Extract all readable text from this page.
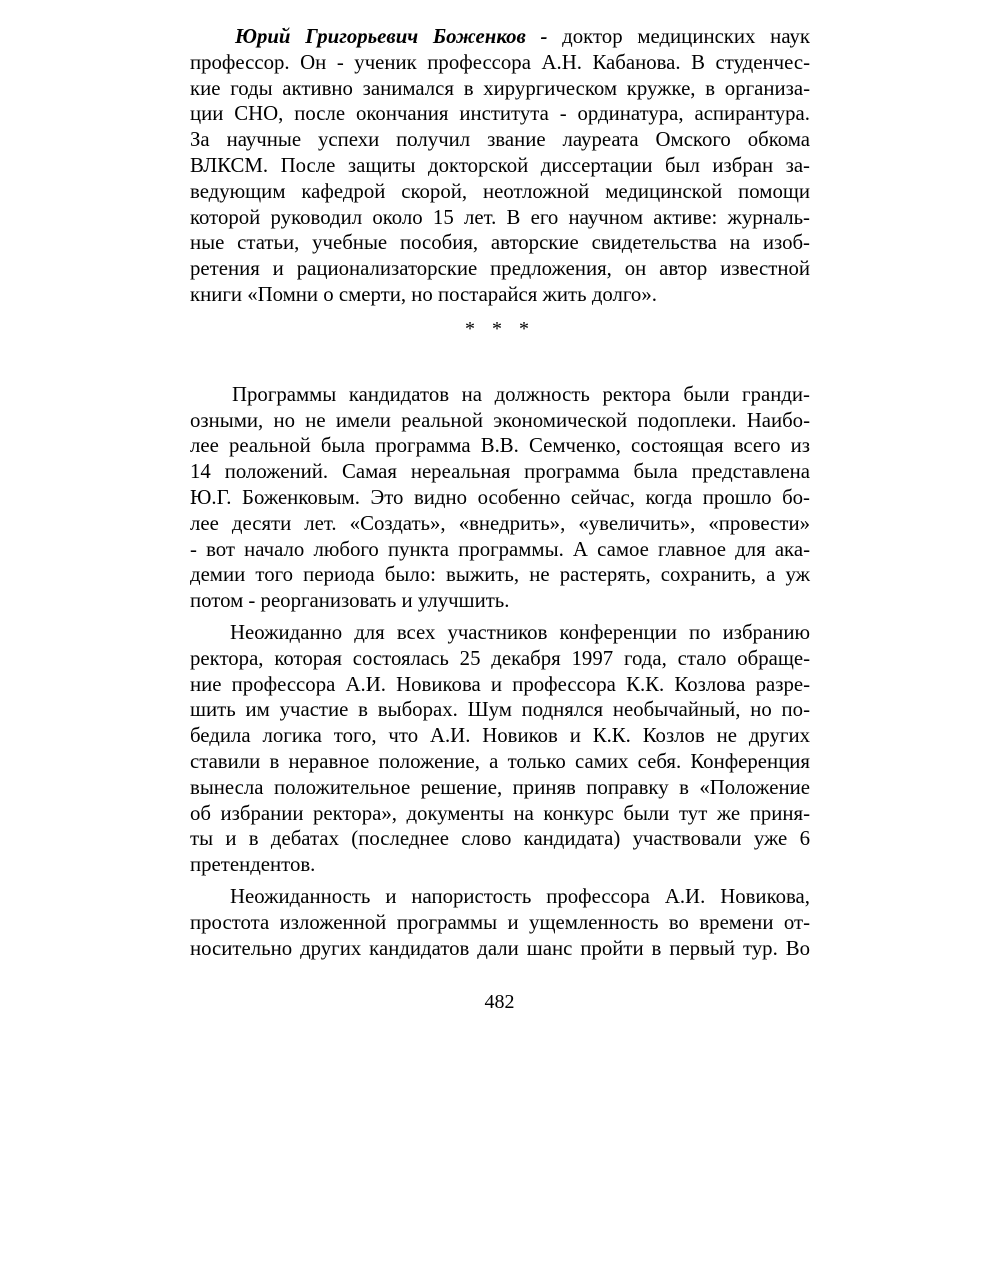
Юрий Григорьевич Боженков - доктор медицинских наук
профессор. Он - ученик профессора А.Н. Кабанова. В студенчес-
кие годы активно занимался в хирургическом кружке, в организа-
ции СНО, после окончания института - ординатура, аспирантура.
За научные успехи получил звание лауреата Омского обкома
ВЛКСМ. После защиты докторской диссертации был избран за-
ведующим кафедрой скорой, неотложной медицинской помощи
которой руководил около 15 лет. В его научном активе: журналь-
ные статьи, учебные пособия, авторские свидетельства на изоб-
ретения и рационализаторские предложения, он автор известной
книги «Помни о смерти, но постарайся жить долго».

* * *

Программы кандидатов на должность ректора были гранди-
озными, но не имели реальной экономической подоплеки. Наибо-
лее реальной была программа В.В. Семченко, состоящая всего из
14 положений. Самая нереальная программа была представлена
Ю.Г. Боженковым. Это видно особенно сейчас, когда прошло бо-
лее десяти лет. «Создать», «внедрить», «увеличить», «провести»
- вот начало любого пункта программы. А самое главное для ака-
демии того периода было: выжить, не растерять, сохранить, а уж
потом - реорганизовать и улучшить.

Неожиданно для всех участников конференции по избранию
ректора, которая состоялась 25 декабря 1997 года, стало обраще-
ние профессора А.И. Новикова и профессора К.К. Козлова разре-
шить им участие в выборах. Шум поднялся необычайный, но по-
бедила логика того, что А.И. Новиков и К.К. Козлов не других
ставили в неравное положение, а только самих себя. Конференция
вынесла положительное решение, приняв поправку в «Положение
об избрании ректора», документы на конкурс были тут же приня-
ты и в дебатах (последнее слово кандидата) участвовали уже 6
претендентов.

Неожиданность и напористость профессора А.И. Новикова,
простота изложенной программы и ущемленность во времени от-
носительно других кандидатов дали шанс пройти в первый тур. Во

482
